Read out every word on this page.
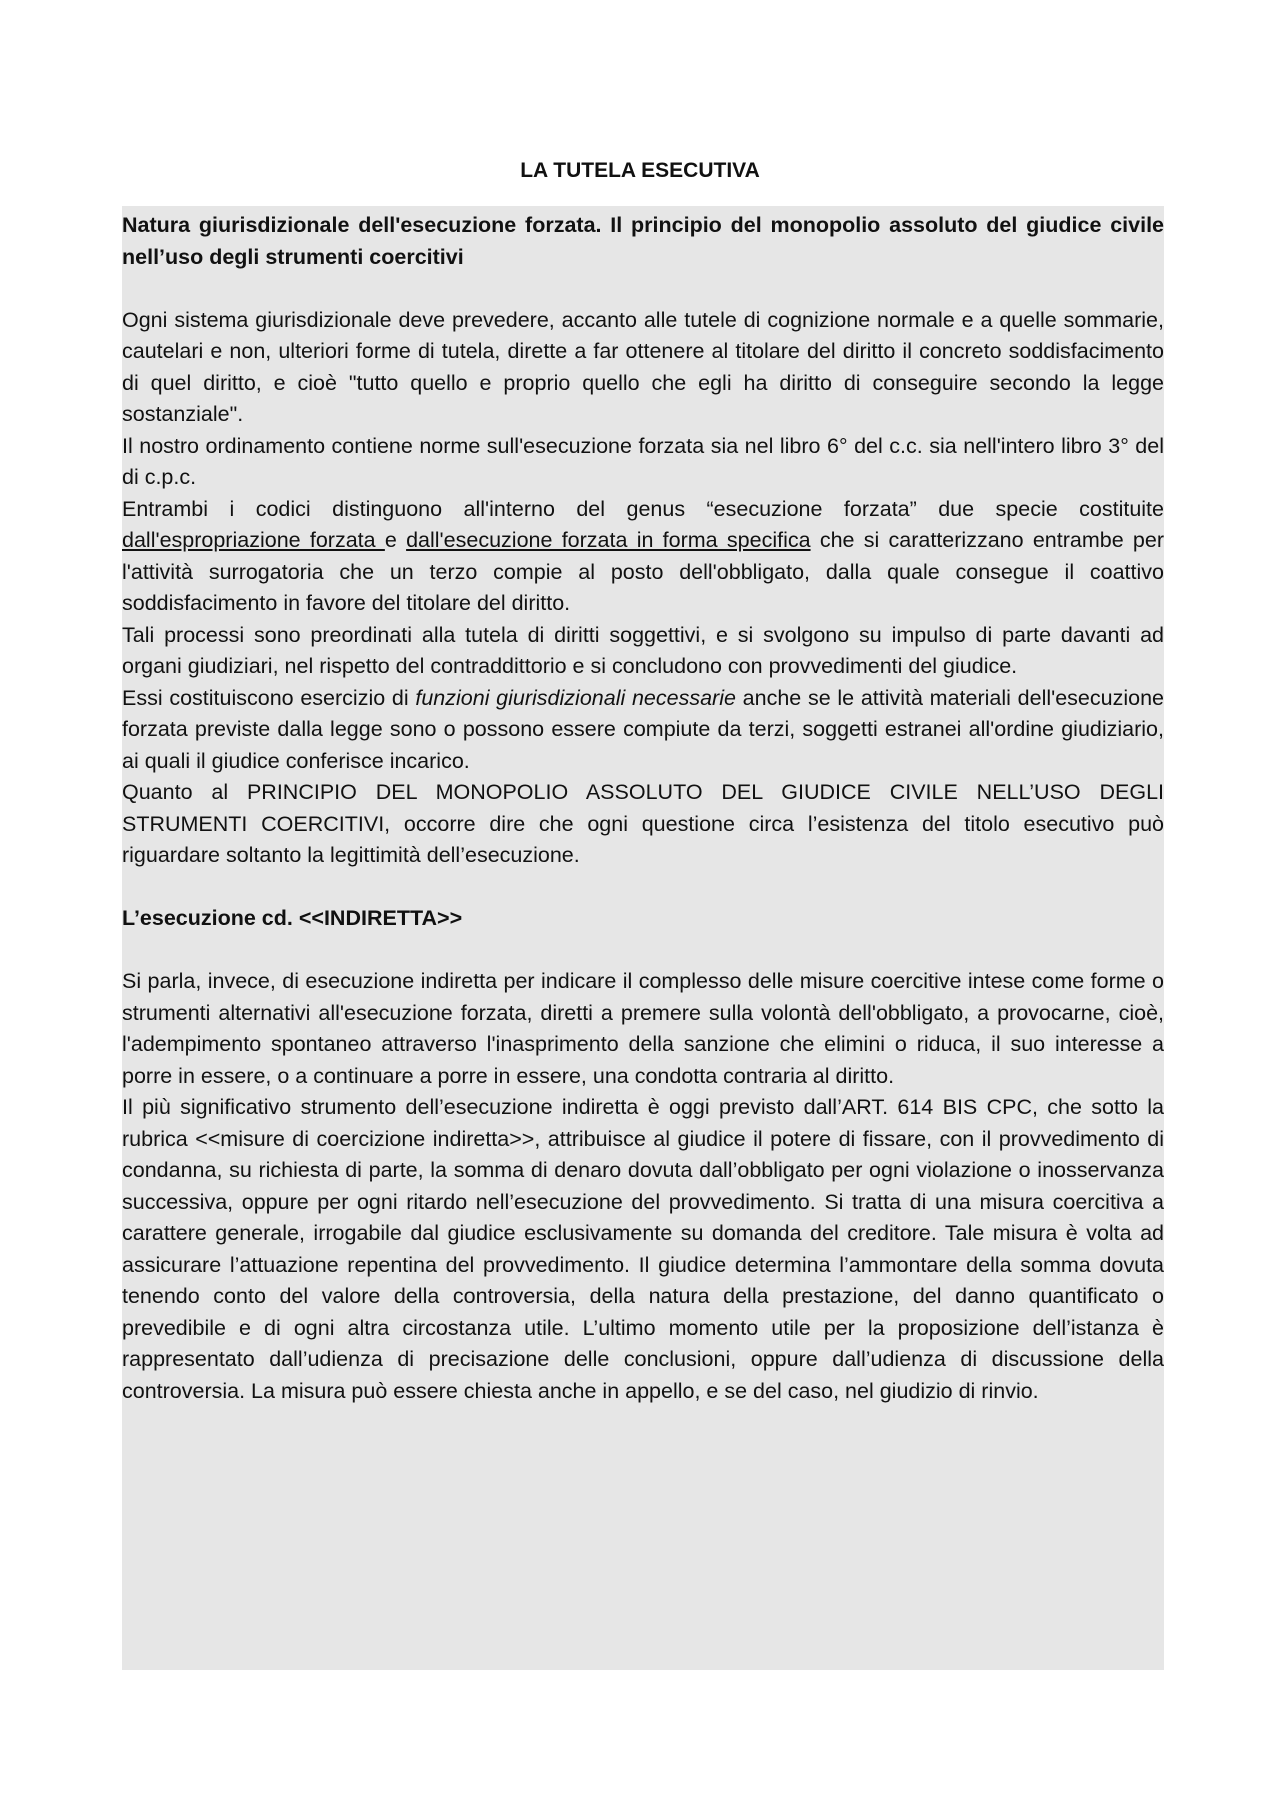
LA TUTELA ESECUTIVA

Natura giurisdizionale dell'esecuzione forzata. Il principio del monopolio assoluto del giudice civile nell’uso degli strumenti coercitivi

Ogni sistema giurisdizionale deve prevedere, accanto alle tutele di cognizione normale e a quelle sommarie, cautelari e non, ulteriori forme di tutela, dirette a far ottenere al titolare del diritto il concreto soddisfacimento di quel diritto, e cioè "tutto quello e proprio quello che egli ha diritto di conseguire secondo la legge sostanziale".

Il nostro ordinamento contiene norme sull'esecuzione forzata sia nel libro 6° del c.c. sia nell'intero libro 3° del di c.p.c.

Entrambi i codici distinguono all'interno del genus “esecuzione forzata” due specie costituite dall'espropriazione forzata e dall'esecuzione forzata in forma specifica che si caratterizzano entrambe per l'attività surrogatoria che un terzo compie al posto dell'obbligato, dalla quale consegue il coattivo soddisfacimento in favore del titolare del diritto.

Tali processi sono preordinati alla tutela di diritti soggettivi, e si svolgono su impulso di parte davanti ad organi giudiziari, nel rispetto del contraddittorio e si concludono con provvedimenti del giudice.

Essi costituiscono esercizio di funzioni giurisdizionali necessarie anche se le attività materiali dell'esecuzione forzata previste dalla legge sono o possono essere compiute da terzi, soggetti estranei all'ordine giudiziario, ai quali il giudice conferisce incarico.

Quanto al PRINCIPIO DEL MONOPOLIO ASSOLUTO DEL GIUDICE CIVILE NELL’USO DEGLI STRUMENTI COERCITIVI, occorre dire che ogni questione circa l’esistenza del titolo esecutivo può riguardare soltanto la legittimità dell’esecuzione.

L’esecuzione cd. <<INDIRETTA>>

Si parla, invece, di esecuzione indiretta per indicare il complesso delle misure coercitive intese come forme o strumenti alternativi all'esecuzione forzata, diretti a premere sulla volontà dell'obbligato, a provocarne, cioè, l'adempimento spontaneo attraverso l'inasprimento della sanzione che elimini o riduca, il suo interesse a porre in essere, o a continuare a porre in essere, una condotta contraria al diritto.

Il più significativo strumento dell’esecuzione indiretta è oggi previsto dall’ART. 614 BIS CPC, che sotto la rubrica <<misure di coercizione indiretta>>, attribuisce al giudice il potere di fissare, con il provvedimento di condanna, su richiesta di parte, la somma di denaro dovuta dall’obbligato per ogni violazione o inosservanza successiva, oppure per ogni ritardo nell’esecuzione del provvedimento. Si tratta di una misura coercitiva a carattere generale, irrogabile dal giudice esclusivamente su domanda del creditore. Tale misura è volta ad assicurare l’attuazione repentina del provvedimento. Il giudice determina l’ammontare della somma dovuta tenendo conto del valore della controversia, della natura della prestazione, del danno quantificato o prevedibile e di ogni altra circostanza utile. L’ultimo momento utile per la proposizione dell’istanza è rappresentato dall’udienza di precisazione delle conclusioni, oppure dall’udienza di discussione della controversia. La misura può essere chiesta anche in appello, e se del caso, nel giudizio di rinvio.
